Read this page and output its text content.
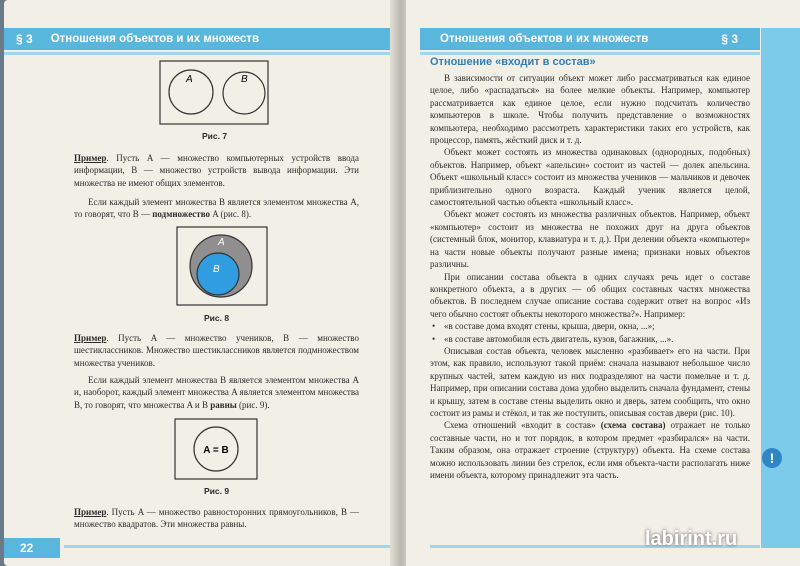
§ 3	Отношения объектов и их множеств
A	B
Рис. 7
Пример. Пусть A — множество компьютерных устройств ввода информации, B — множество устройств вывода информации. Эти множества не имеют общих элементов.

Если каждый элемент множества B является элементом множества A, то говорят, что B — подмножество A (рис. 8).

A
B
Рис. 8
Пример. Пусть A — множество учеников, B — множество шестиклассников. Множество шестиклассников является подмножеством множества учеников.

Если каждый элемент множества B является элементом множества A и, наоборот, каждый элемент множества A является элементом множества B, то говорят, что множества A и B равны (рис. 9).

A = B
Рис. 9
Пример. Пусть A — множество равносторонних прямоугольников, B — множество квадратов. Эти множества равны.
22
Отношения объектов и их множеств	§ 3
Отношение «входит в состав»

В зависимости от ситуации объект может либо рассматриваться как единое целое, либо «распадаться» на более мелкие объекты. Например, компьютер рассматривается как единое целое, если нужно подсчитать количество компьютеров в школе. Чтобы получить представление о возможностях компьютера, необходимо рассмотреть характеристики таких его устройств, как процессор, память, жёсткий диск и т. д.

Объект может состоять из множества одинаковых (однородных, подобных) объектов. Например, объект «апельсин» состоит из частей — долек апельсина. Объект «школьный класс» состоит из множества учеников — мальчиков и девочек приблизительно одного возраста. Каждый ученик является целой, самостоятельной частью объекта «школьный класс».

Объект может состоять из множества различных объектов. Например, объект «компьютер» состоит из множества не похожих друг на друга объектов (системный блок, монитор, клавиатура и т. д.). При делении объекта «компьютер» на части новые объекты получают разные имена; признаки новых объектов различны.

При описании состава объекта в одних случаях речь идет о составе конкретного объекта, а в других — об общих составных частях множества объектов. В последнем случае описание состава содержит ответ на вопрос «Из чего обычно состоят объекты некоторого множества?». Например:

• «в составе дома входят стены, крыша, двери, окна, ...»;
• «в составе автомобиля есть двигатель, кузов, багажник, ...».

Описывая состав объекта, человек мысленно «разбивает» его на части. При этом, как правило, используют такой приём: сначала называют небольшое число крупных частей, затем каждую из них подразделяют на части помельче и т. д. Например, при описании состава дома удобно выделить сначала фундамент, стены и крышу, затем в составе стены выделить окно и дверь, затем сообщить, что окно состоит из рамы и стёкол, и так же поступить, описывая состав двери (рис. 10).

Схема отношений «входит в состав» (схема состава) отражает не только составные части, но и тот порядок, в котором предмет «разбирался» на части. Таким образом, она отражает строение (структуру) объекта. На схеме состава можно использовать линии без стрелок, если имя объекта-части располагать ниже имени объекта, которому принадлежит эта часть.

!
labirint.ru
